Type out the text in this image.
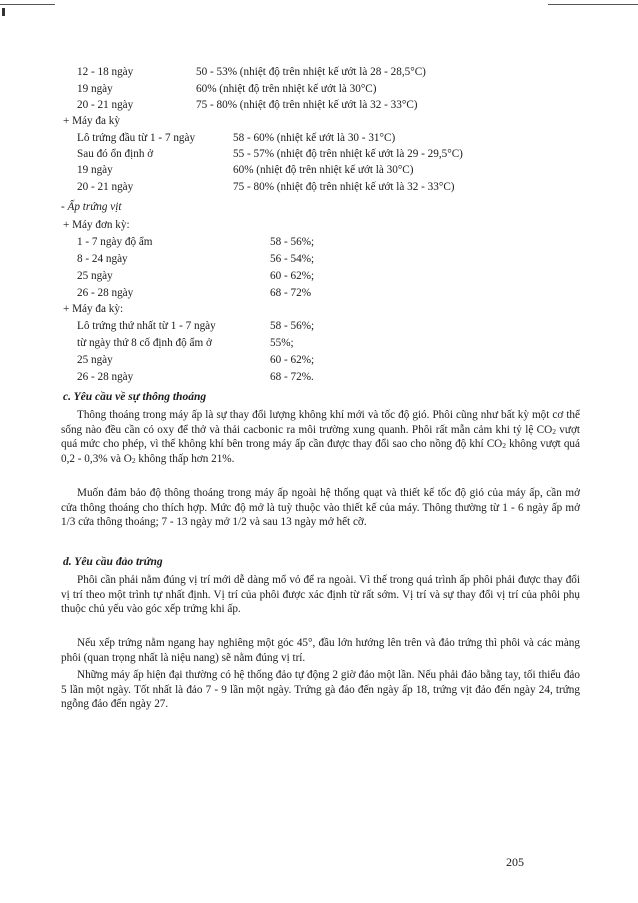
12 - 18 ngày	50 - 53% (nhiệt độ trên nhiệt kế ướt là 28 - 28,5°C)
19 ngày	60% (nhiệt độ trên nhiệt kế ướt là 30°C)
20 - 21 ngày	75 - 80% (nhiệt độ trên nhiệt kế ướt là 32 - 33°C)
+ Máy đa kỳ
Lô trứng đầu từ 1 - 7 ngày	58 - 60% (nhiệt kế ướt là 30 - 31°C)
Sau đó ổn định ở	55 - 57% (nhiệt độ trên nhiệt kế ướt là 29 - 29,5°C)
19 ngày	60% (nhiệt độ trên nhiệt kế ướt là 30°C)
20 - 21 ngày	75 - 80% (nhiệt độ trên nhiệt kế ướt là 32 - 33°C)
- Ấp trứng vịt
+ Máy đơn kỳ:
1 - 7 ngày độ ẩm	58 - 56%;
8 - 24 ngày	56 - 54%;
25 ngày	60 - 62%;
26 - 28 ngày	68 - 72%
+ Máy đa kỳ:
Lô trứng thứ nhất từ 1 - 7 ngày	58 - 56%;
từ ngày thứ 8 cố định độ ẩm ở	55%;
25 ngày	60 - 62%;
26 - 28 ngày	68 - 72%.
c. Yêu cầu về sự thông thoáng
Thông thoáng trong máy ấp là sự thay đổi lượng không khí mới và tốc độ gió. Phôi cũng như bất kỳ một cơ thể sống nào đều cần có oxy để thở và thải cacbonic ra môi trường xung quanh. Phôi rất mẫn cảm khi tỷ lệ $CO_2$ vượt quá mức cho phép, vì thế không khí bên trong máy ấp cần được thay đổi sao cho nồng độ khí $CO_2$ không vượt quá 0,2 - 0,3% và $O_2$ không thấp hơn 21%.
Muốn đảm bảo độ thông thoáng trong máy ấp ngoài hệ thống quạt và thiết kế tốc độ gió của máy ấp, cần mở cửa thông thoáng cho thích hợp. Mức độ mở là tuỳ thuộc vào thiết kế của máy. Thông thường từ 1 - 6 ngày ấp mở 1/3 cửa thông thoáng; 7 - 13 ngày mở 1/2 và sau 13 ngày mở hết cỡ.
d. Yêu cầu đảo trứng
Phôi cần phải nằm đúng vị trí mới dễ dàng mổ vỏ để ra ngoài. Vì thế trong quá trình ấp phôi phải được thay đổi vị trí theo một trình tự nhất định. Vị trí của phôi được xác định từ rất sớm. Vị trí và sự thay đổi vị trí của phôi phụ thuộc chủ yếu vào góc xếp trứng khi ấp.
Nếu xếp trứng nằm ngang hay nghiêng một góc 45°, đầu lớn hướng lên trên và đảo trứng thì phôi và các màng phôi (quan trọng nhất là niệu nang) sẽ nằm đúng vị trí.
Những máy ấp hiện đại thường có hệ thống đảo tự động 2 giờ đảo một lần. Nếu phải đảo bằng tay, tối thiểu đảo 5 lần một ngày. Tốt nhất là đảo 7 - 9 lần một ngày. Trứng gà đảo đến ngày ấp 18, trứng vịt đảo đến ngày 24, trứng ngỗng đảo đến ngày 27.
205
